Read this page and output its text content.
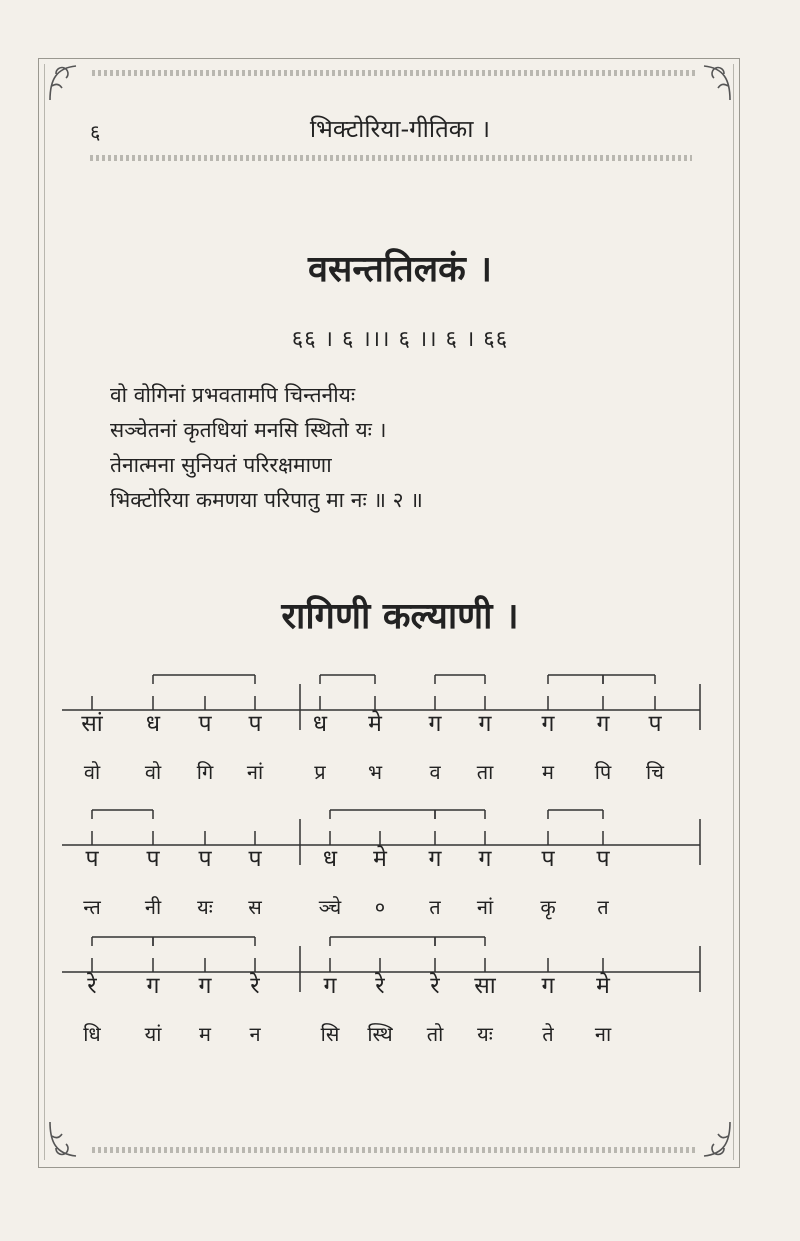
६	भिक्टोरिया-गीतिका ।
वसन्ततिलकं ।
६६ । ६ ।।। ६ ।। ६ । ६६
वो वोगिनां प्रभवतामपि चिन्तनीयः
सञ्चेतनां कृतधियां मनसि स्थितो यः ।
तेनात्मना सुनियतं परिरक्षमाणा
भिक्टोरिया कमणया परिपातु मा नः ॥ २ ॥
रागिणी कल्याणी ।
सां	ध	प	प	ध	मे	ग	ग	ग	ग	प
वो	वो	गि	नां	प्र	भ	व	ता	म	पि	चि
प	प	प	प	ध	मे	ग	ग	प	प
न्त	नी	यः	स	ञ्चे	०	त	नां	कृ	त
रे	ग	ग	रे	ग	रे	रे	सा	ग	मे
धि	यां	म	न	सि	स्थि	तो	यः	ते	ना
